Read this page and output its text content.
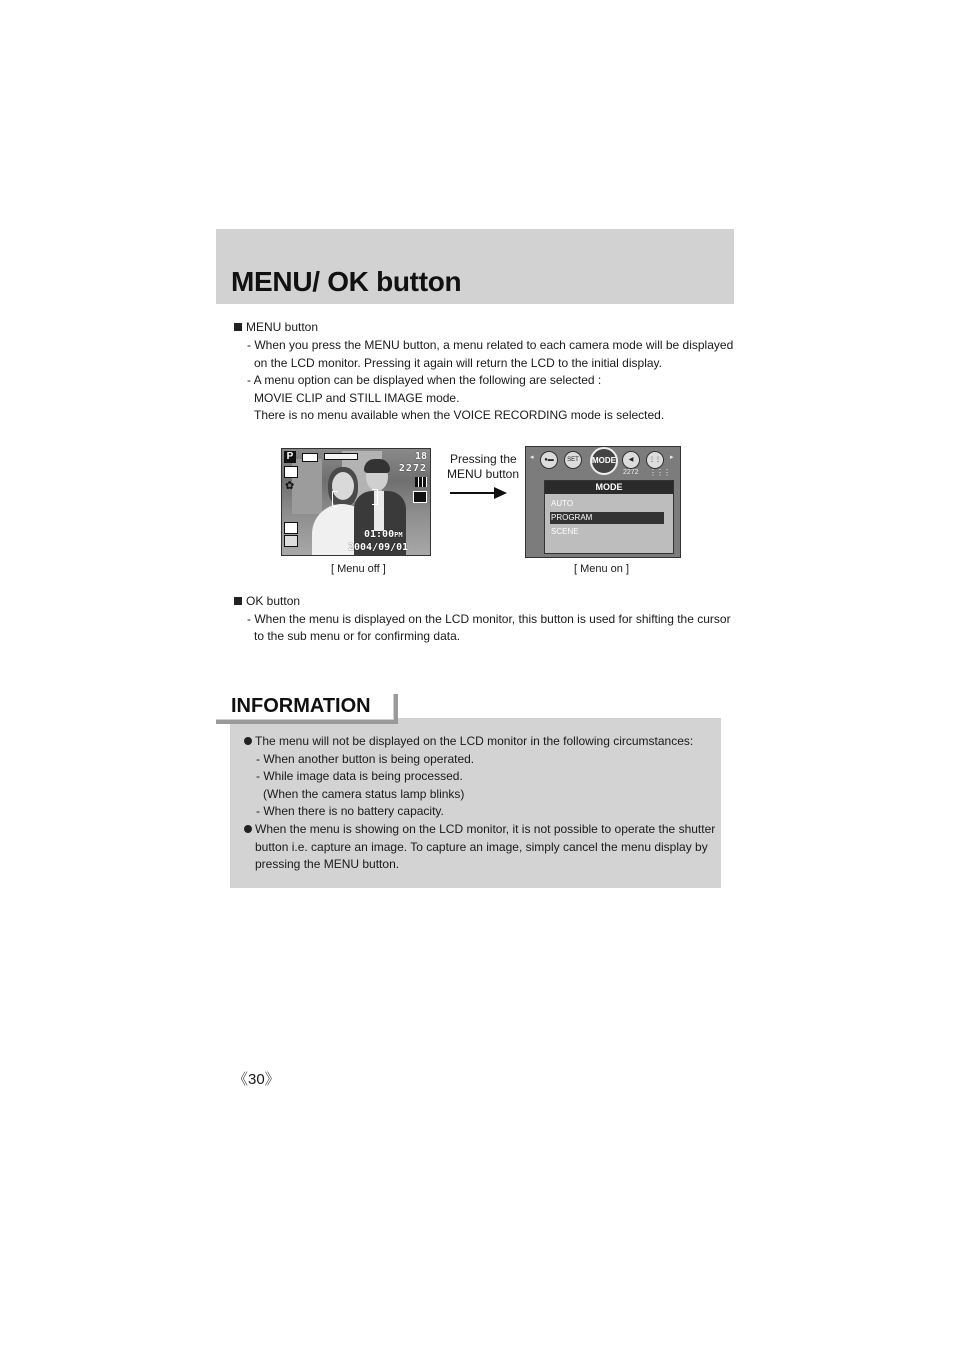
MENU/ OK button
MENU button
- When you press the MENU button, a menu related to each camera mode will be displayed
on the LCD monitor. Pressing it again will return the LCD to the initial display.
- A menu option can be displayed when the following are selected :
MOVIE CLIP and STILL IMAGE mode.
There is no menu available when the VOICE RECORDING mode is selected.
P
✿
18
2272
01:00PM
2004/09/01
Pressing the
MENU button
◂	●▬	SET	MODE	◀	⋮⋮	▸
2272 ⋮⋮⋮
MODE
AUTO
PROGRAM
SCENE
[ Menu off ]	[ Menu on ]
OK button
- When the menu is displayed on the LCD monitor, this button is used for shifting the cursor
to the sub menu or for confirming data.
INFORMATION
The menu will not be displayed on the LCD monitor in the following circumstances:
- When another button is being operated.
- While image data is being processed.
(When the camera status lamp blinks)
- When there is no battery capacity.
When the menu is showing on the LCD monitor, it is not possible to operate the shutter
button i.e. capture an image. To capture an image, simply cancel the menu display by
pressing the MENU button.
《30》
